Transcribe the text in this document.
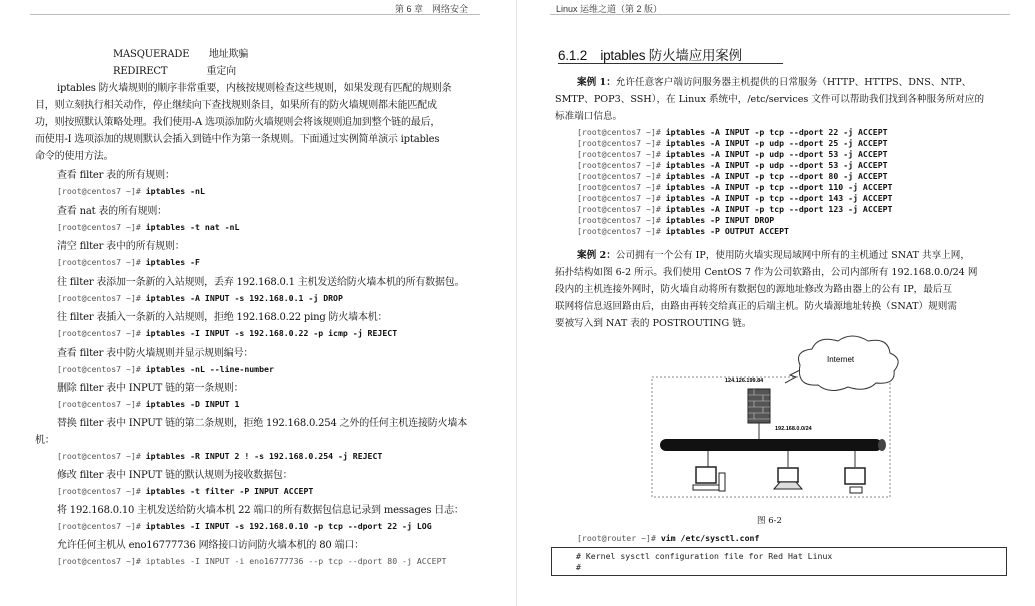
第 6 章　网络安全
MASQUERADE　　地址欺骗
REDIRECT　　　　重定向
iptables 防火墙规则的顺序非常重要，内核按规则检查这些规则，如果发现有匹配的规则条
目，则立刻执行相关动作，停止继续向下查找规则条目，如果所有的防火墙规则都未能匹配成
功，则按照默认策略处理。我们使用-A 选项添加防火墙规则会将该规则追加到整个链的最后，
而使用-I 选项添加的规则默认会插入到链中作为第一条规则。下面通过实例简单演示 iptables
命令的使用方法。
查看 filter 表的所有规则：
[root@centos7 ~]# iptables -nL
查看 nat 表的所有规则：
[root@centos7 ~]# iptables -t nat -nL
清空 filter 表中的所有规则：
[root@centos7 ~]# iptables -F
往 filter 表添加一条新的入站规则，丢弃 192.168.0.1 主机发送给防火墙本机的所有数据包。
[root@centos7 ~]# iptables -A INPUT -s 192.168.0.1 -j DROP
往 filter 表插入一条新的入站规则，拒绝 192.168.0.22 ping 防火墙本机：
[root@centos7 ~]# iptables -I INPUT -s 192.168.0.22 -p icmp -j REJECT
查看 filter 表中防火墙规则并显示规则编号：
[root@centos7 ~]# iptables -nL --line-number
删除 filter 表中 INPUT 链的第一条规则：
[root@centos7 ~]# iptables -D INPUT 1
替换 filter 表中 INPUT 链的第二条规则，拒绝 192.168.0.254 之外的任何主机连接防火墙本
机：
[root@centos7 ~]# iptables -R INPUT 2 ! -s 192.168.0.254 -j REJECT
修改 filter 表中 INPUT 链的默认规则为接收数据包：
[root@centos7 ~]# iptables -t filter -P INPUT ACCEPT
将 192.168.0.10 主机发送给防火墙本机 22 端口的所有数据包信息记录到 messages 日志：
[root@centos7 ~]# iptables -I INPUT -s 192.168.0.10 -p tcp --dport 22 -j LOG
允许任何主机从 eno16777736 网络接口访问防火墙本机的 80 端口：
[root@centos7 ~]# iptables -I INPUT -i eno16777736 --p tcp --dport 80 -j ACCEPT
Linux 运维之道（第 2 版）
6.1.2　iptables 防火墙应用案例
案例 1：允许任意客户端访问服务器主机提供的日常服务（HTTP、HTTPS、DNS、NTP、
SMTP、POP3、SSH），在 Linux 系统中，/etc/services 文件可以帮助我们找到各种服务所对应的
标准端口信息。
[root@centos7 ~]# iptables -A INPUT -p tcp --dport 22 -j ACCEPT
[root@centos7 ~]# iptables -A INPUT -p udp --dport 25 -j ACCEPT
[root@centos7 ~]# iptables -A INPUT -p udp --dport 53 -j ACCEPT
[root@centos7 ~]# iptables -A INPUT -p udp --dport 53 -j ACCEPT
[root@centos7 ~]# iptables -A INPUT -p tcp --dport 80 -j ACCEPT
[root@centos7 ~]# iptables -A INPUT -p tcp --dport 110 -j ACCEPT
[root@centos7 ~]# iptables -A INPUT -p tcp --dport 143 -j ACCEPT
[root@centos7 ~]# iptables -A INPUT -p tcp --dport 123 -j ACCEPT
[root@centos7 ~]# iptables -P INPUT DROP
[root@centos7 ~]# iptables -P OUTPUT ACCEPT
案例 2：公司拥有一个公有 IP，使用防火墙实现局域网中所有的主机通过 SNAT 共享上网，
拓扑结构如图 6-2 所示。我们使用 CentOS 7 作为公司软路由，公司内部所有 192.168.0.0/24 网
段内的主机连接外网时，防火墙自动将所有数据包的源地址修改为路由器上的公有 IP，最后互
联网将信息返回路由后，由路由再转交给真正的后端主机。防火墙源地址转换（SNAT）规则需
要被写入到 NAT 表的 POSTROUTING 链。
Internet
124.126.199.84
192.168.0.0/24
图 6-2
[root@router ~]# vim /etc/sysctl.conf
# Kernel sysctl configuration file for Red Hat Linux
#
